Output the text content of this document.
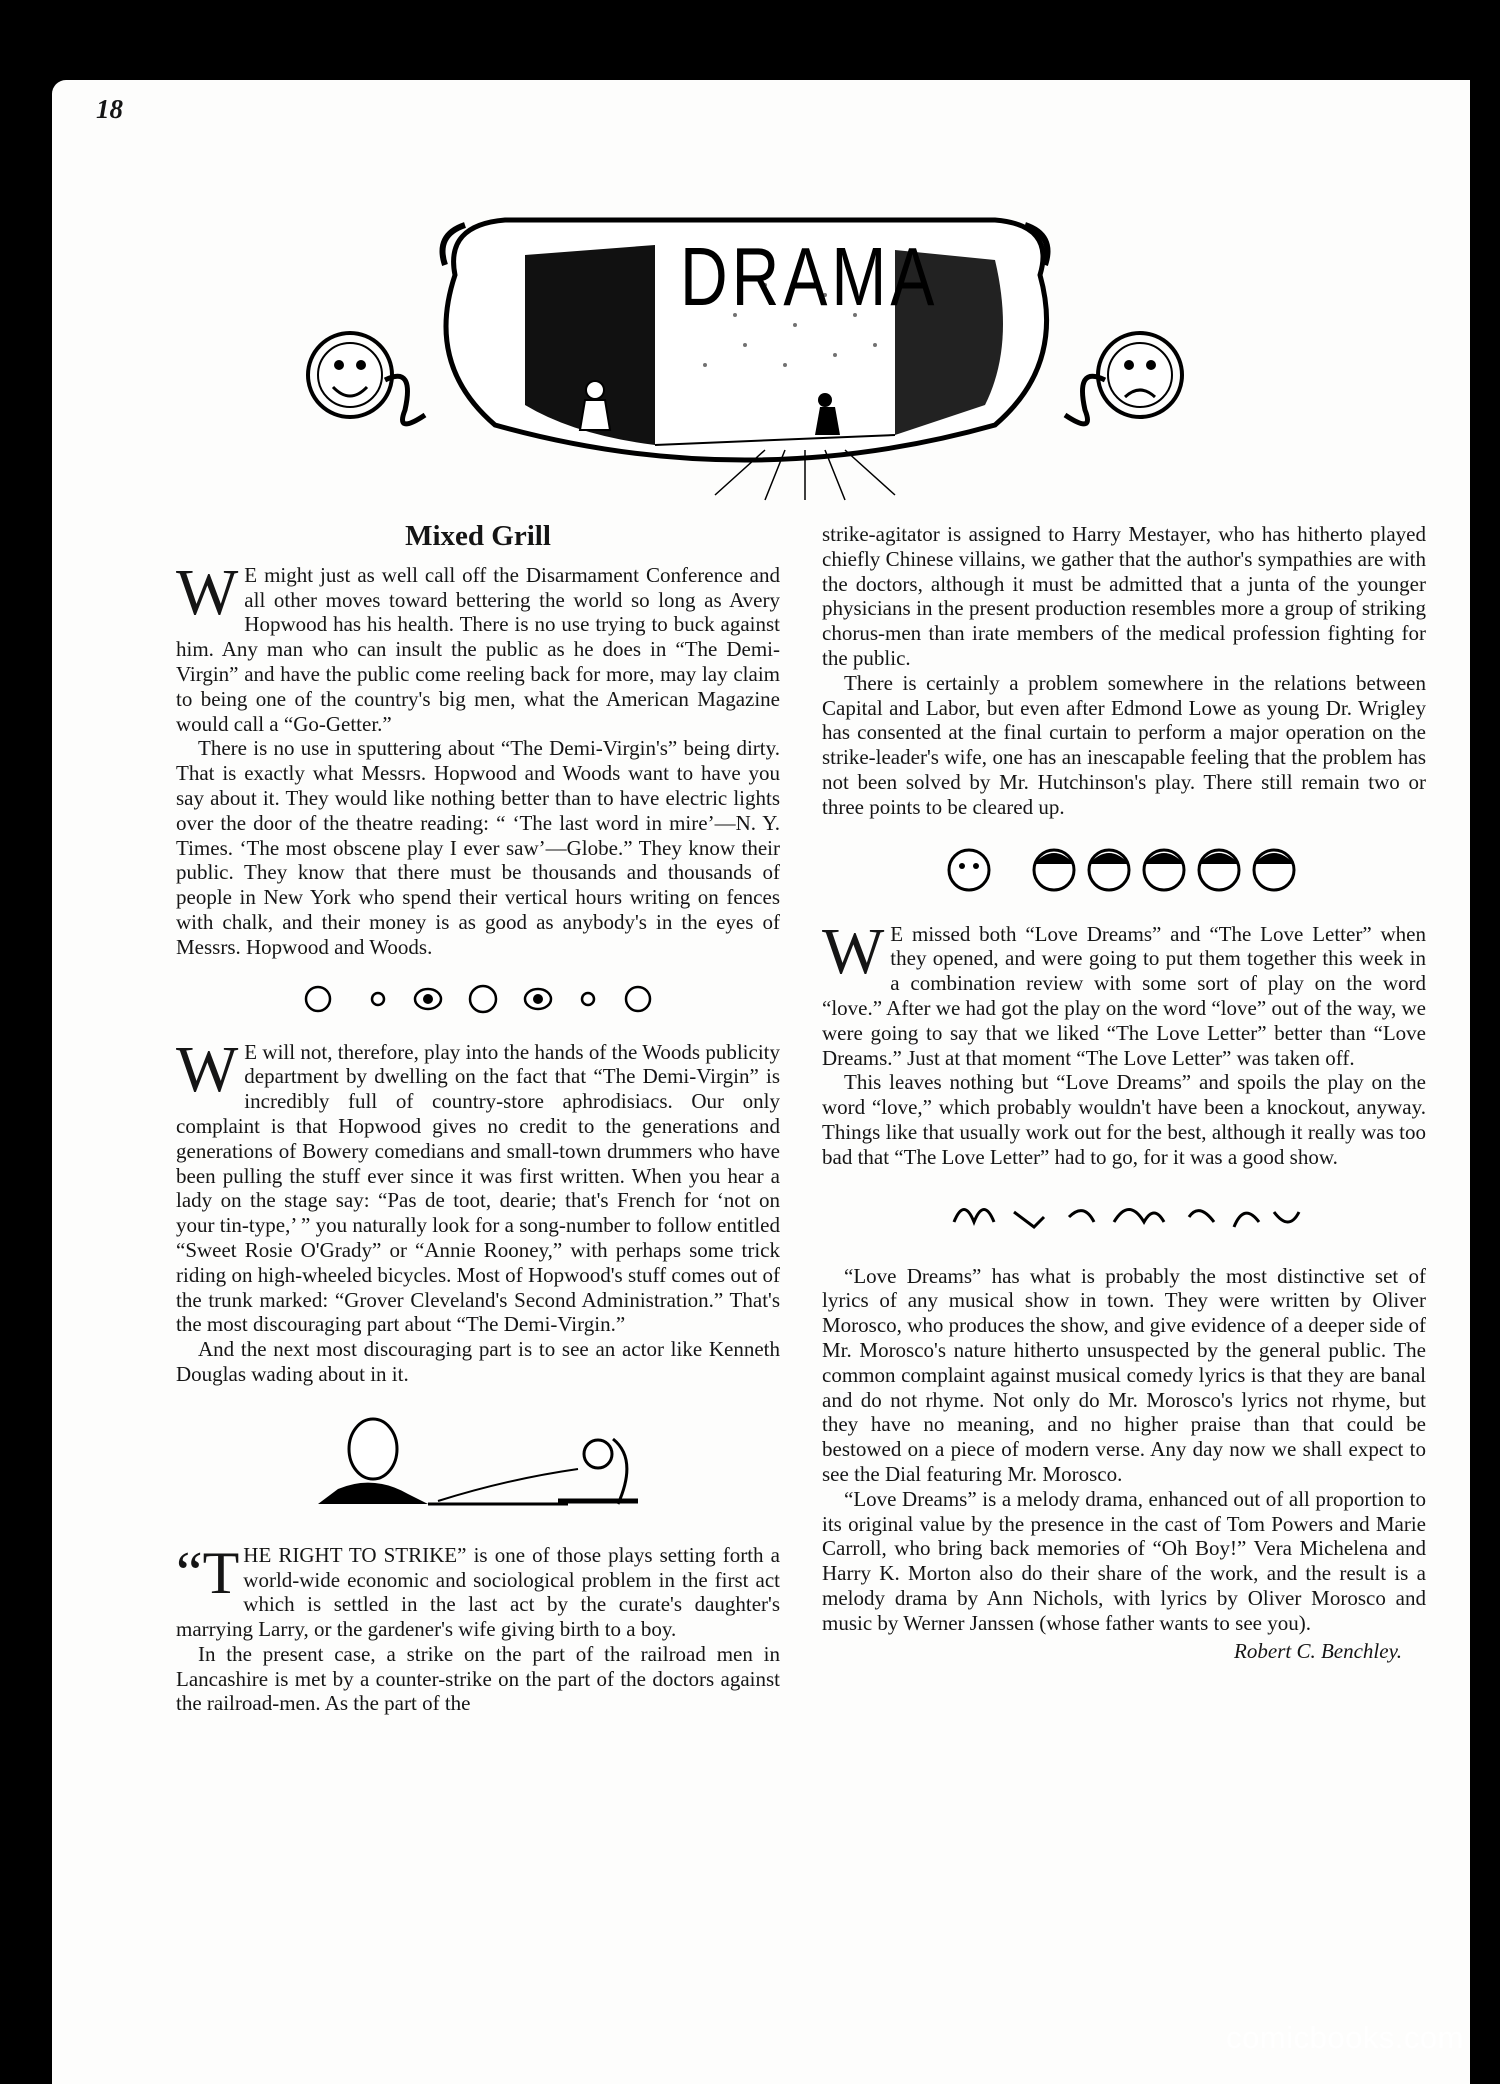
18
DRAMA
Mixed Grill

W E might just as well call off the Disarmament Conference and all other moves toward bettering the world so long as Avery Hopwood has his health. There is no use trying to buck against him. Any man who can insult the public as he does in “The Demi-Virgin” and have the public come reeling back for more, may lay claim to being one of the country's big men, what the American Magazine would call a “Go-Getter.”

There is no use in sputtering about “The Demi-Virgin's” being dirty. That is exactly what Messrs. Hopwood and Woods want to have you say about it. They would like nothing better than to have electric lights over the door of the theatre reading: “ ‘The last word in mire’—N. Y. Times. ‘The most obscene play I ever saw’—Globe.” They know their public. They know that there must be thousands and thousands of people in New York who spend their vertical hours writing on fences with chalk, and their money is as good as anybody's in the eyes of Messrs. Hopwood and Woods.

W E will not, therefore, play into the hands of the Woods publicity department by dwelling on the fact that “The Demi-Virgin” is incredibly full of country-store aphrodisiacs. Our only complaint is that Hopwood gives no credit to the generations and generations of Bowery comedians and small-town drummers who have been pulling the stuff ever since it was first written. When you hear a lady on the stage say: “Pas de toot, dearie; that's French for ‘not on your tin-type,’ ” you naturally look for a song-number to follow entitled “Sweet Rosie O'Grady” or “Annie Rooney,” with perhaps some trick riding on high-wheeled bicycles. Most of Hopwood's stuff comes out of the trunk marked: “Grover Cleveland's Second Administration.” That's the most discouraging part about “The Demi-Virgin.”

And the next most discouraging part is to see an actor like Kenneth Douglas wading about in it.

“THE RIGHT TO STRIKE” is one of those plays setting forth a world-wide economic and sociological problem in the first act which is settled in the last act by the curate's daughter's marrying Larry, or the gardener's wife giving birth to a boy.

In the present case, a strike on the part of the railroad men in Lancashire is met by a counter-strike on the part of the doctors against the railroad-men. As the part of the

strike-agitator is assigned to Harry Mestayer, who has hitherto played chiefly Chinese villains, we gather that the author's sympathies are with the doctors, although it must be admitted that a junta of the younger physicians in the present production resembles more a group of striking chorus-men than irate members of the medical profession fighting for the public.

There is certainly a problem somewhere in the relations between Capital and Labor, but even after Edmond Lowe as young Dr. Wrigley has consented at the final curtain to perform a major operation on the strike-leader's wife, one has an inescapable feeling that the problem has not been solved by Mr. Hutchinson's play. There still remain two or three points to be cleared up.

W E missed both “Love Dreams” and “The Love Letter” when they opened, and were going to put them together this week in a combination review with some sort of play on the word “love.” After we had got the play on the word “love” out of the way, we were going to say that we liked “The Love Letter” better than “Love Dreams.” Just at that moment “The Love Letter” was taken off.

This leaves nothing but “Love Dreams” and spoils the play on the word “love,” which probably wouldn't have been a knockout, anyway. Things like that usually work out for the best, although it really was too bad that “The Love Letter” had to go, for it was a good show.

“Love Dreams” has what is probably the most distinctive set of lyrics of any musical show in town. They were written by Oliver Morosco, who produces the show, and give evidence of a deeper side of Mr. Morosco's nature hitherto unsuspected by the general public. The common complaint against musical comedy lyrics is that they are banal and do not rhyme. Not only do Mr. Morosco's lyrics not rhyme, but they have no meaning, and no higher praise than that could be bestowed on a piece of modern verse. Any day now we shall expect to see the Dial featuring Mr. Morosco.

“Love Dreams” is a melody drama, enhanced out of all proportion to its original value by the presence in the cast of Tom Powers and Marie Carroll, who bring back memories of “Oh Boy!” Vera Michelena and Harry K. Morton also do their share of the work, and the result is a melody drama by Ann Nichols, with lyrics by Oliver Morosco and music by Werner Janssen (whose father wants to see you).

Robert C. Benchley.
comicbooks.com
